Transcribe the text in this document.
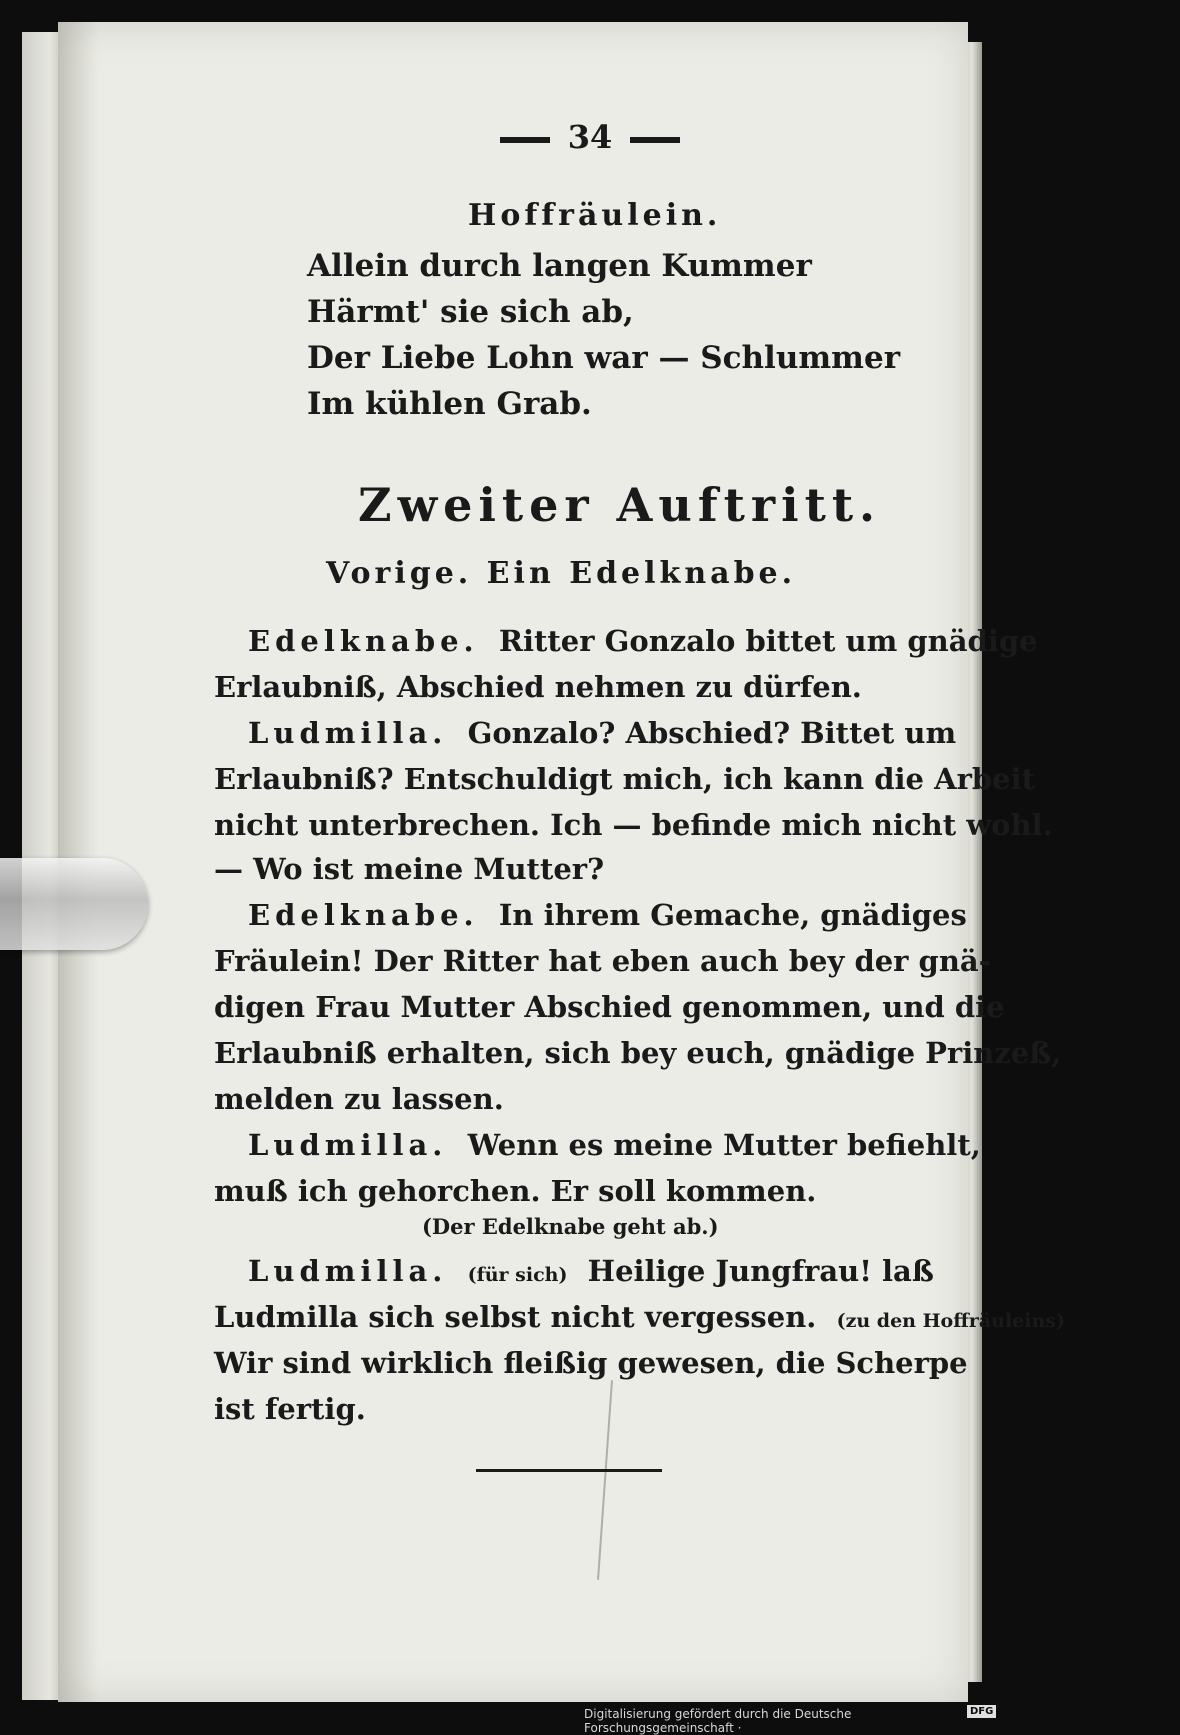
34
Hoffräulein.
Allein durch langen Kummer
Härmt' sie sich ab,
Der Liebe Lohn war — Schlummer
Im kühlen Grab.
Zweiter Auftritt.
Vorige. Ein Edelknabe.
Edelknabe. Ritter Gonzalo bittet um gnädige
Erlaubniß, Abschied nehmen zu dürfen.
Ludmilla. Gonzalo? Abschied? Bittet um
Erlaubniß? Entschuldigt mich, ich kann die Arbeit
nicht unterbrechen. Ich — befinde mich nicht wohl.
— Wo ist meine Mutter?
Edelknabe. In ihrem Gemache, gnädiges
Fräulein! Der Ritter hat eben auch bey der gnä-
digen Frau Mutter Abschied genommen, und die
Erlaubniß erhalten, sich bey euch, gnädige Prinzeß,
melden zu lassen.
Ludmilla. Wenn es meine Mutter befiehlt,
muß ich gehorchen. Er soll kommen.
(Der Edelknabe geht ab.)
Ludmilla. (für sich) Heilige Jungfrau! laß
Ludmilla sich selbst nicht vergessen. (zu den Hoffräuleins)
Wir sind wirklich fleißig gewesen, die Scherpe
ist fertig.
Digitalisierung gefördert durch die Deutsche Forschungsgemeinschaft ·
DFG
